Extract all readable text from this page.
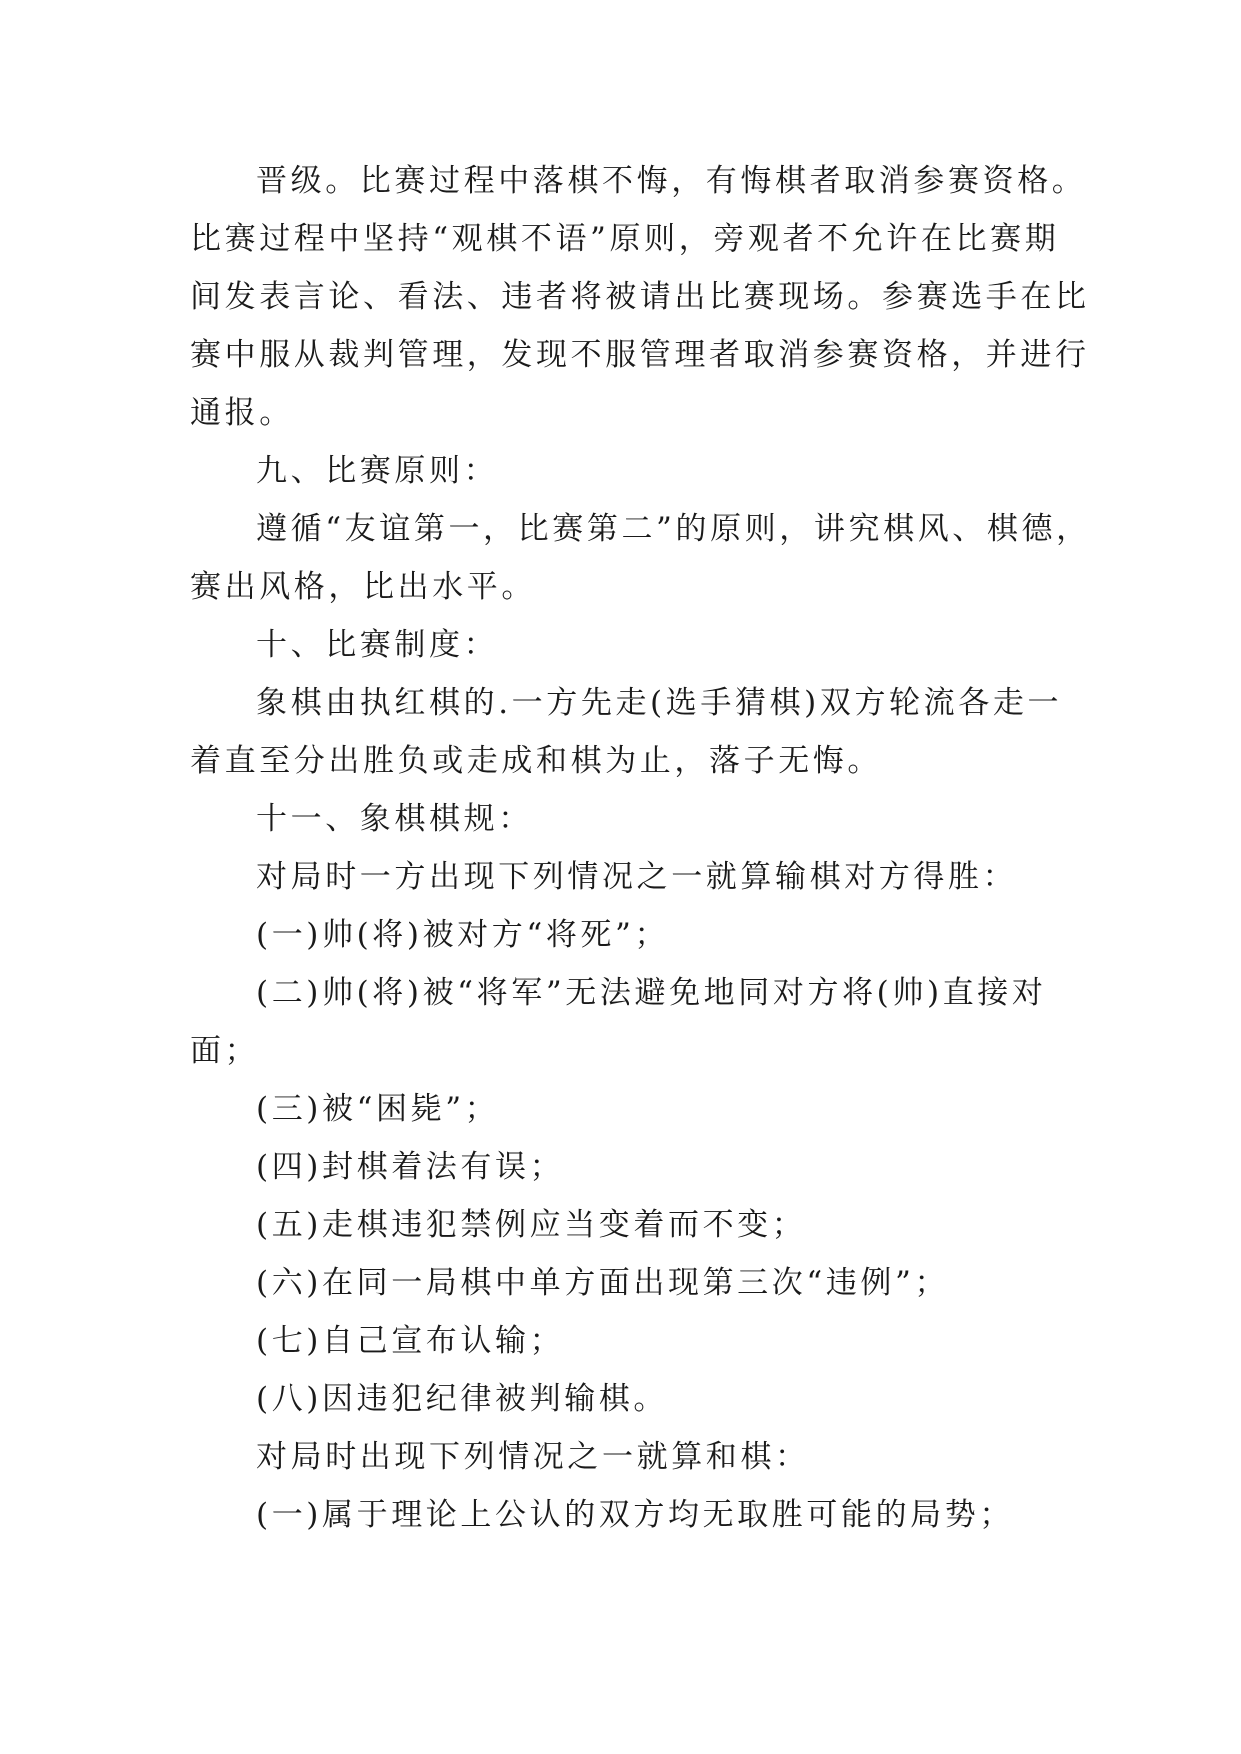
晋级。比赛过程中落棋不悔，有悔棋者取消参赛资格。
比赛过程中坚持“观棋不语”原则，旁观者不允许在比赛期
间发表言论、看法、违者将被请出比赛现场。参赛选手在比
赛中服从裁判管理，发现不服管理者取消参赛资格，并进行
通报。
九、比赛原则：
遵循“友谊第一，比赛第二”的原则，讲究棋风、棋德，
赛出风格，比出水平。
十、比赛制度：
象棋由执红棋的.一方先走(选手猜棋)双方轮流各走一
着直至分出胜负或走成和棋为止，落子无悔。
十一、象棋棋规：
对局时一方出现下列情况之一就算输棋对方得胜：
(一)帅(将)被对方“将死”；
(二)帅(将)被“将军”无法避免地同对方将(帅)直接对
面；
(三)被“困毙”；
(四)封棋着法有误；
(五)走棋违犯禁例应当变着而不变；
(六)在同一局棋中单方面出现第三次“违例”；
(七)自己宣布认输；
(八)因违犯纪律被判输棋。
对局时出现下列情况之一就算和棋：
(一)属于理论上公认的双方均无取胜可能的局势；
